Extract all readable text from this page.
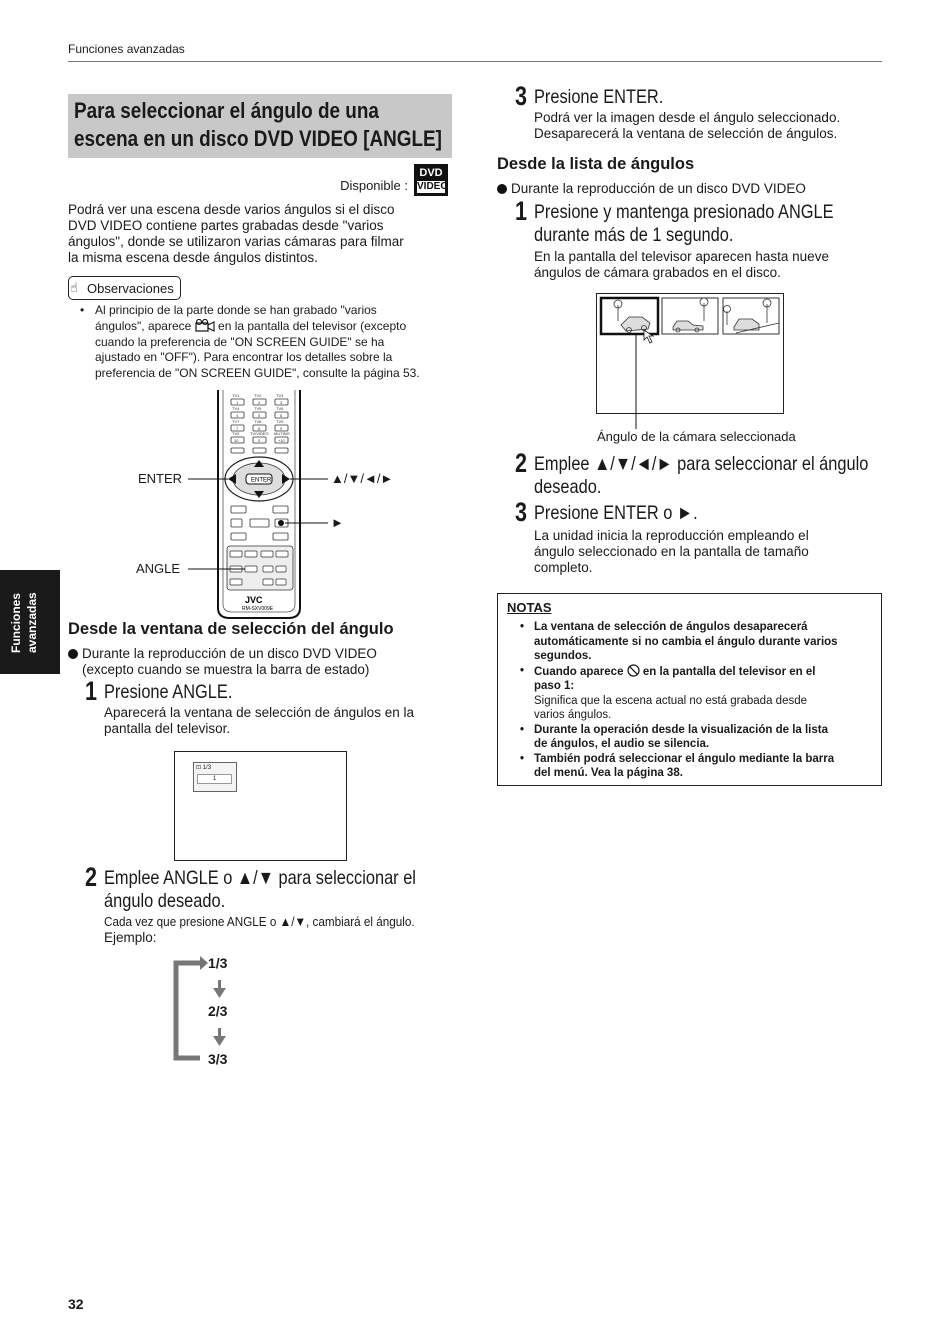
Funciones avanzadas
Para seleccionar el ángulo de una
escena en un disco DVD VIDEO [ANGLE]
Disponible :
DVD
VIDEO
Podrá ver una escena desde varios ángulos si el disco
DVD VIDEO contiene partes grabadas desde "varios
ángulos", donde se utilizaron varias cámaras para filmar
la misma escena desde ángulos distintos.
Observaciones
☝
• Al principio de la parte donde se han grabado "varios
ángulos", aparece en la pantalla del televisor (excepto
cuando la preferencia de "ON SCREEN GUIDE" se ha
ajustado en "OFF"). Para encontrar los detalles sobre la
preferencia de "ON SCREEN GUIDE", consulte la página 53.
TV1	TV2	TV3
TV4	TV5	TV6
TV7	TV8	TV9
TV0	TV/VIDEO MUTING
1	2	3
4	5	6
7	8	9
10	0	+10
ENTER
JVC
RM-SXV009E
ENTER	▲/▼/◄/►
►
ANGLE
Funciones avanzadas	Desde la ventana de selección del ángulo
Durante la reproducción de un disco DVD VIDEO
(excepto cuando se muestra la barra de estado)
1 Presione ANGLE.
Aparecerá la ventana de selección de ángulos en la
pantalla del televisor.
⊡ 1/3
1
2 Emplee ANGLE o ▲/▼ para seleccionar el
ángulo deseado.
Cada vez que presione ANGLE o ▲/▼, cambiará el ángulo.
Ejemplo:
1/3
2/3
3/3
3 Presione ENTER.
Podrá ver la imagen desde el ángulo seleccionado.
Desaparecerá la ventana de selección de ángulos.
Desde la lista de ángulos
Durante la reproducción de un disco DVD VIDEO
1 Presione y mantenga presionado ANGLE
durante más de 1 segundo.
En la pantalla del televisor aparecen hasta nueve
ángulos de cámara grabados en el disco.
Ángulo de la cámara seleccionada
2 Emplee ▲/▼/◄/► para seleccionar el ángulo
deseado.
3 Presione ENTER o ►.
La unidad inicia la reproducción empleando el
ángulo seleccionado en la pantalla de tamaño
completo.
NOTAS
• La ventana de selección de ángulos desaparecerá
automáticamente si no cambia el ángulo durante varios
segundos.
• Cuando aparece en la pantalla del televisor en el
paso 1:
Significa que la escena actual no está grabada desde
varios ángulos.
• Durante la operación desde la visualización de la lista
de ángulos, el audio se silencia.
• También podrá seleccionar el ángulo mediante la barra
del menú. Vea la página 38.
32
